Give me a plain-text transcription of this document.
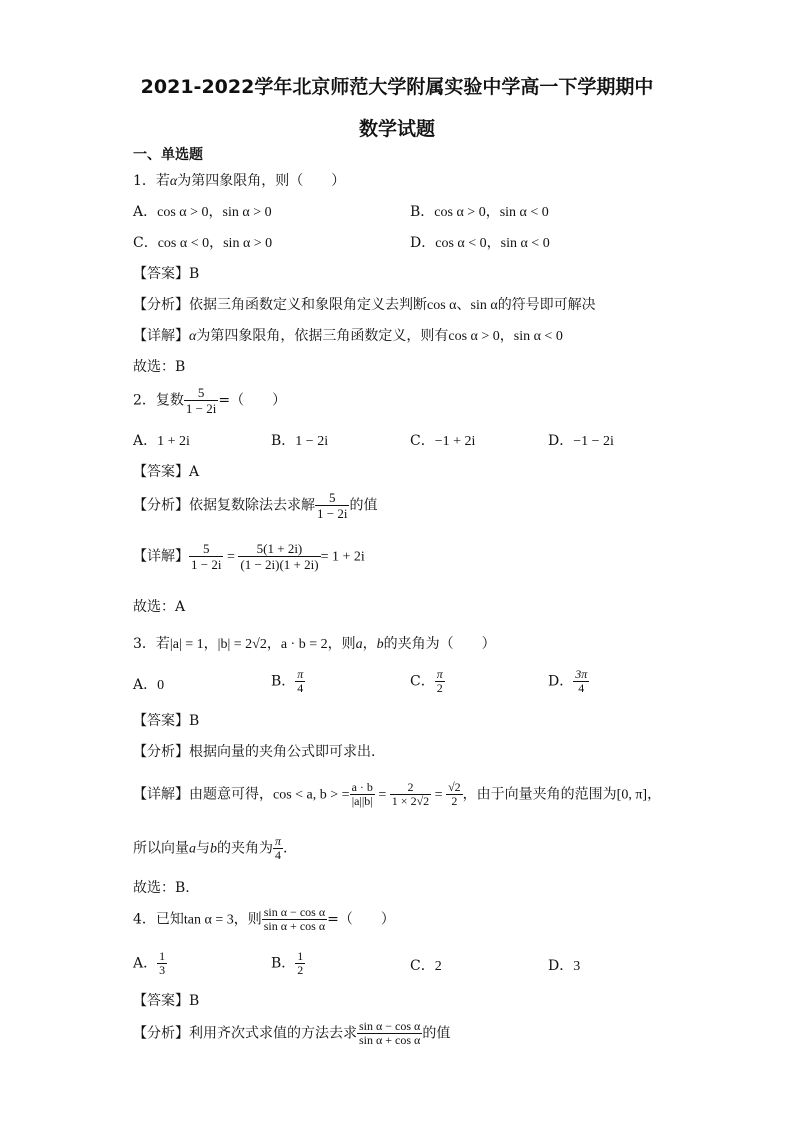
2021-2022学年北京师范大学附属实验中学高一下学期期中
数学试题
一、单选题
1．若α为第四象限角，则（　　）
A．cos α > 0，sin α > 0	B．cos α > 0，sin α < 0
C．cos α < 0，sin α > 0	D．cos α < 0，sin α < 0
【答案】B
【分析】依据三角函数定义和象限角定义去判断cos α、sin α的符号即可解决
【详解】α为第四象限角，依据三角函数定义，则有cos α > 0，sin α < 0
故选：B
2．复数 $\frac{5}{1 - 2i}$ =（　　）
A．1 + 2i	B．1 − 2i	C．−1 + 2i	D．−1 − 2i
【答案】A
【分析】依据复数除法去求解 $\frac{5}{1 - 2i}$ 的值
【详解】 $\frac{5}{1 - 2i} = \frac{5(1 + 2i)}{(1 - 2i)(1 + 2i)} = 1 + 2i$
故选：A
3．若|a| = 1，|b| = 2√2，a · b = 2，则a，b的夹角为（　　）
A．0	B． $\frac{\pi}{4}$	C． $\frac{\pi}{2}$	D． $\frac{3\pi}{4}$
【答案】B
【分析】根据向量的夹角公式即可求出.
【详解】由题意可得，cos < a, b > = $\frac{a \cdot b}{|a||b|} = \frac{2}{1 \times 2√2} = \frac{√2}{2}$ ，由于向量夹角的范围为[0, π]，
所以向量a与b的夹角为 $\frac{\pi}{4}$ .
故选：B.
4．已知tan α = 3，则 $\frac{\text{sin α − cos α}}{\text{sin α + cos α}}$ =（　　）
A． $\frac{1}{3}$	B． $\frac{1}{2}$	C．2	D．3
【答案】B
【分析】利用齐次式求值的方法去求 $\frac{\text{sin α − cos α}}{\text{sin α + cos α}}$ 的值
